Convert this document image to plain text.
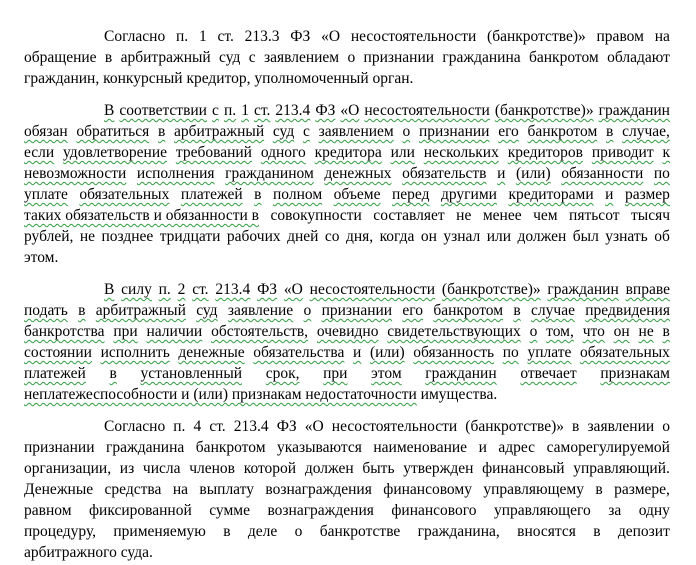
Согласно п. 1 ст. 213.3 ФЗ «О несостоятельности (банкротстве)» правом на
обращение в арбитражный суд с заявлением о признании гражданина банкротом обладают
гражданин, конкурсный кредитор, уполномоченный орган.
В соответствии с п. 1 ст. 213.4 ФЗ «О несостоятельности (банкротстве)» гражданин
обязан обратиться в арбитражный суд с заявлением о признании его банкротом в случае,
если удовлетворение требований одного кредитора или нескольких кредиторов приводит к
невозможности исполнения гражданином денежных обязательств и (или) обязанности по
уплате обязательных платежей в полном объеме перед другими кредиторами и размер
таких обязательств и обязанности в совокупности составляет не менее чем пятьсот тысяч
рублей, не позднее тридцати рабочих дней со дня, когда он узнал или должен был узнать об
этом.
В силу п. 2 ст. 213.4 ФЗ «О несостоятельности (банкротстве)» гражданин вправе
подать в арбитражный суд заявление о признании его банкротом в случае предвидения
банкротства при наличии обстоятельств, очевидно свидетельствующих о том, что он не в
состоянии исполнить денежные обязательства и (или) обязанность по уплате обязательных
платежей в установленный срок, при этом гражданин отвечает признакам
неплатежеспособности и (или) признакам недостаточности имущества.
Согласно п. 4 ст. 213.4 ФЗ «О несостоятельности (банкротстве)» в заявлении о
признании гражданина банкротом указываются наименование и адрес саморегулируемой
организации, из числа членов которой должен быть утвержден финансовый управляющий.
Денежные средства на выплату вознаграждения финансовому управляющему в размере,
равном фиксированной сумме вознаграждения финансового управляющего за одну
процедуру, применяемую в деле о банкротстве гражданина, вносятся в депозит
арбитражного суда.
